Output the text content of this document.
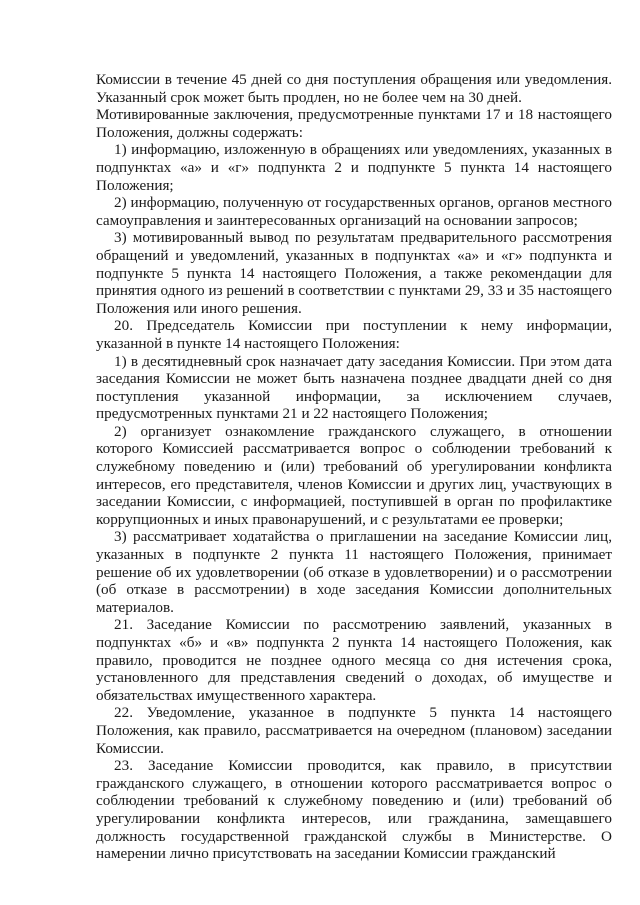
Комиссии в течение 45 дней со дня поступления обращения или уведомления. Указанный срок может быть продлен, но не более чем на 30 дней.

Мотивированные заключения, предусмотренные пунктами 17 и 18 настоящего Положения, должны содержать:

1) информацию, изложенную в обращениях или уведомлениях, указанных в подпунктах «а» и «г» подпункта 2 и подпункте 5 пункта 14 настоящего Положения;

2) информацию, полученную от государственных органов, органов местного самоуправления и заинтересованных организаций на основании запросов;

3) мотивированный вывод по результатам предварительного рассмотрения обращений и уведомлений, указанных в подпунктах «а» и «г» подпункта и подпункте 5 пункта 14 настоящего Положения, а также рекомендации для принятия одного из решений в соответствии с пунктами 29, 33 и 35 настоящего Положения или иного решения.

20. Председатель Комиссии при поступлении к нему информации, указанной в пункте 14 настоящего Положения:

1) в десятидневный срок назначает дату заседания Комиссии. При этом дата заседания Комиссии не может быть назначена позднее двадцати дней со дня поступления указанной информации, за исключением случаев, предусмотренных пунктами 21 и 22 настоящего Положения;

2) организует ознакомление гражданского служащего, в отношении которого Комиссией рассматривается вопрос о соблюдении требований к служебному поведению и (или) требований об урегулировании конфликта интересов, его представителя, членов Комиссии и других лиц, участвующих в заседании Комиссии, с информацией, поступившей в орган по профилактике коррупционных и иных правонарушений, и с результатами ее проверки;

3) рассматривает ходатайства о приглашении на заседание Комиссии лиц, указанных в подпункте 2 пункта 11 настоящего Положения, принимает решение об их удовлетворении (об отказе в удовлетворении) и о рассмотрении (об отказе в рассмотрении) в ходе заседания Комиссии дополнительных материалов.

21. Заседание Комиссии по рассмотрению заявлений, указанных в подпунктах «б» и «в» подпункта 2 пункта 14 настоящего Положения, как правило, проводится не позднее одного месяца со дня истечения срока, установленного для представления сведений о доходах, об имуществе и обязательствах имущественного характера.

22. Уведомление, указанное в подпункте 5 пункта 14 настоящего Положения, как правило, рассматривается на очередном (плановом) заседании Комиссии.

23. Заседание Комиссии проводится, как правило, в присутствии гражданского служащего, в отношении которого рассматривается вопрос о соблюдении требований к служебному поведению и (или) требований об урегулировании конфликта интересов, или гражданина, замещавшего должность государственной гражданской службы в Министерстве. О намерении лично присутствовать на заседании Комиссии гражданский
